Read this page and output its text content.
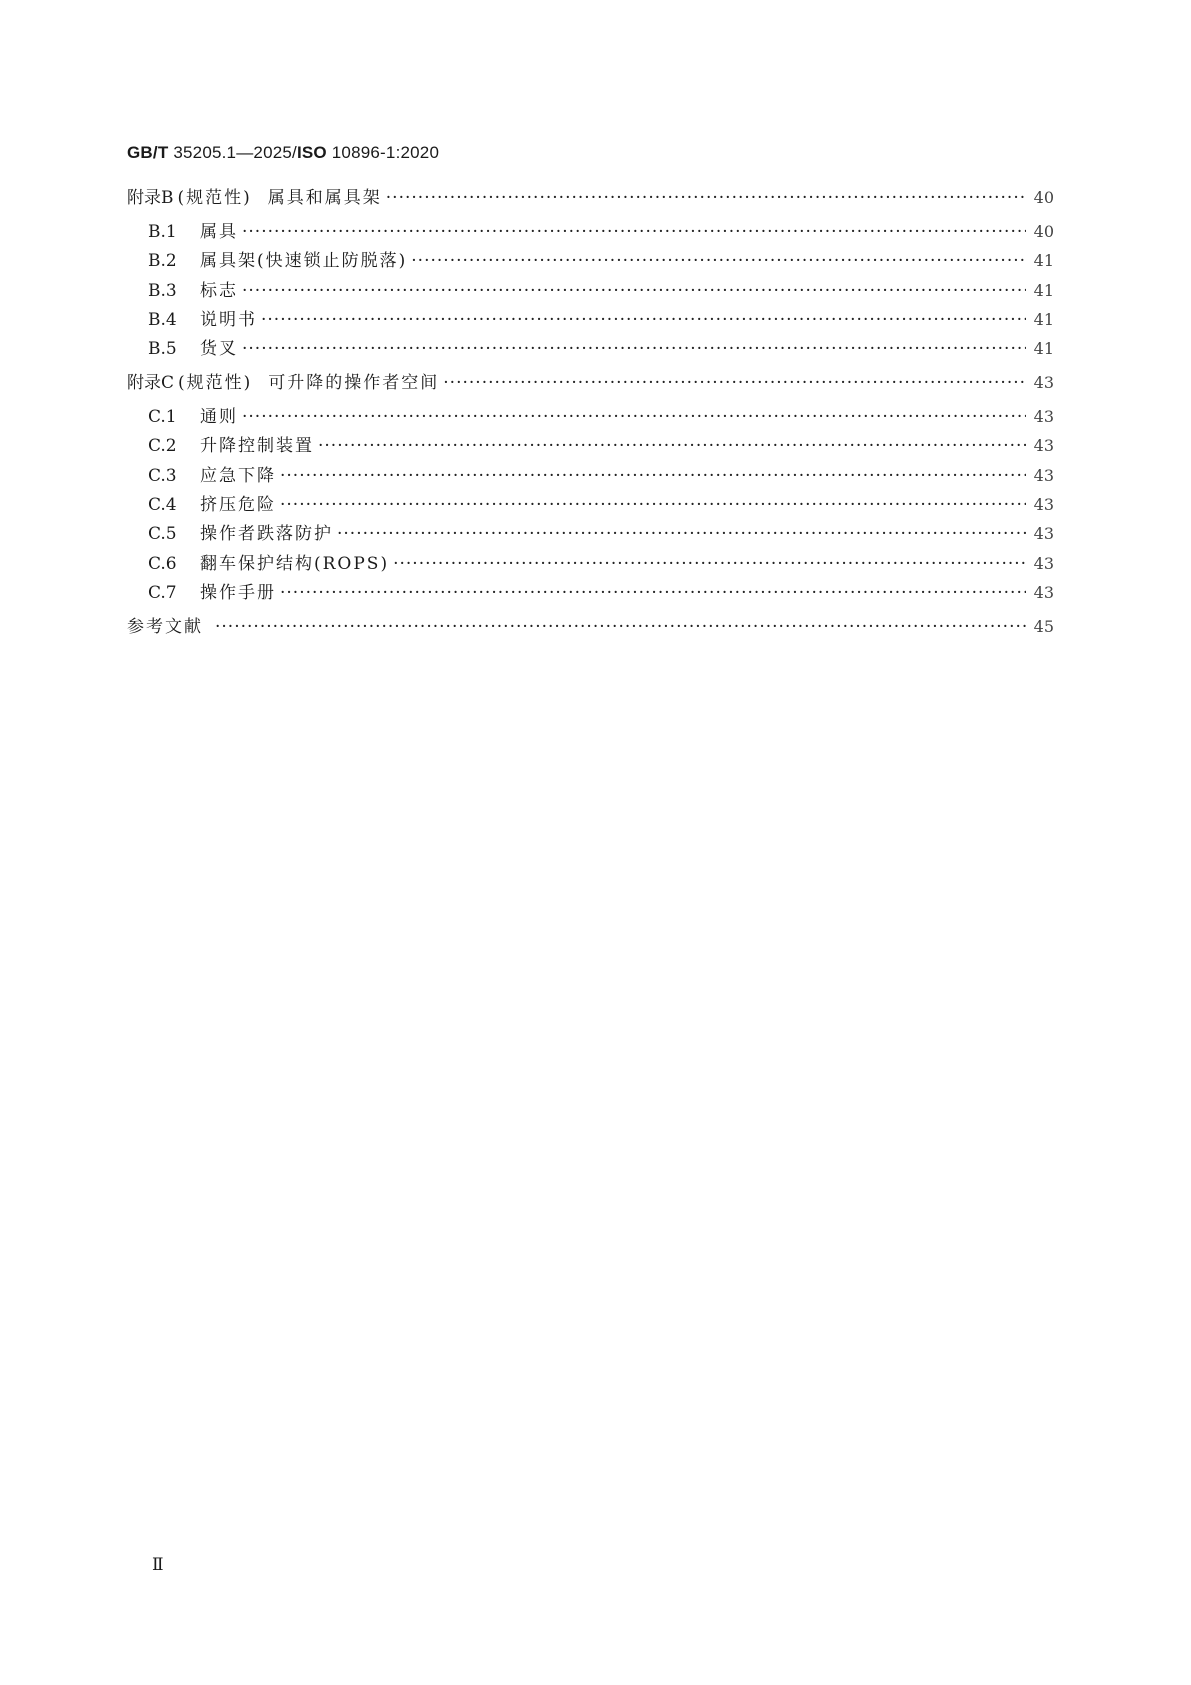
GB/T 35205.1—2025/ISO 10896-1:2020
附录B (规范性) 属具和属具架 ·····	40
B.1	属具 ·····	40
B.2	属具架(快速锁止防脱落) ·····	41
B.3	标志 ·····	41
B.4	说明书 ·····	41
B.5	货叉 ·····	41
附录C (规范性) 可升降的操作者空间 ·····	43
C.1	通则 ·····	43
C.2	升降控制装置 ·····	43
C.3	应急下降 ·····	43
C.4	挤压危险 ·····	43
C.5	操作者跌落防护 ·····	43
C.6	翻车保护结构(ROPS) ·····	43
C.7	操作手册 ·····	43
参考文献 ·····	45
Ⅱ
